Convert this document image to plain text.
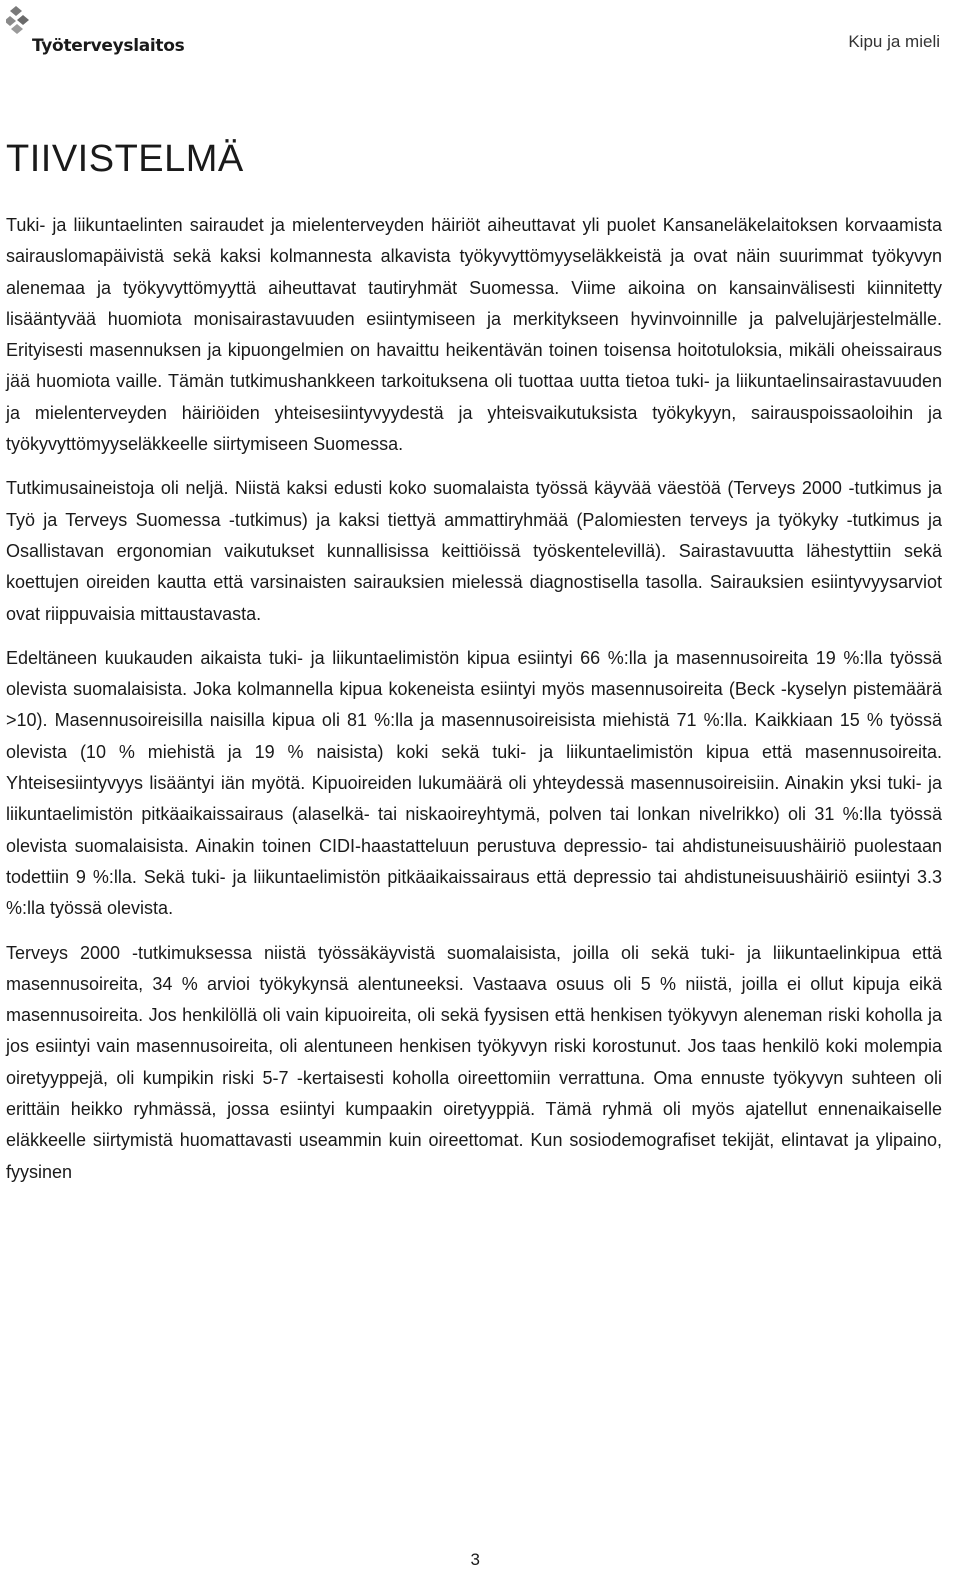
Työterveyslaitos	Kipu ja mieli
TIIVISTELMÄ

Tuki- ja liikuntaelinten sairaudet ja mielenterveyden häiriöt aiheuttavat yli puolet Kansaneläkelaitoksen korvaamista sairauslomapäivistä sekä kaksi kolmannesta alkavista työkyvyttömyyseläkkeistä ja ovat näin suurimmat työkyvyn alenemaa ja työkyvyttömyyttä aiheuttavat tautiryhmät Suomessa. Viime aikoina on kansainvälisesti kiinnitetty lisääntyvää huomiota monisairastavuuden esiintymiseen ja merkitykseen hyvinvoinnille ja palvelujärjestelmälle. Erityisesti masennuksen ja kipuongelmien on havaittu heikentävän toinen toisensa hoitotuloksia, mikäli oheissairaus jää huomiota vaille. Tämän tutkimushankkeen tarkoituksena oli tuottaa uutta tietoa tuki- ja liikuntaelinsairastavuuden ja mielenterveyden häiriöiden yhteisesiintyvyydestä ja yhteisvaikutuksista työkykyyn, sairauspoissaoloihin ja työkyvyttömyyseläkkeelle siirtymiseen Suomessa.

Tutkimusaineistoja oli neljä. Niistä kaksi edusti koko suomalaista työssä käyvää väestöä (Terveys 2000 -tutkimus ja Työ ja Terveys Suomessa -tutkimus) ja kaksi tiettyä ammattiryhmää (Palomiesten terveys ja työkyky -tutkimus ja Osallistavan ergonomian vaikutukset kunnallisissa keittiöissä työskentelevillä). Sairastavuutta lähestyttiin sekä koettujen oireiden kautta että varsinaisten sairauksien mielessä diagnostisella tasolla. Sairauksien esiintyvyysarviot ovat riippuvaisia mittaustavasta.

Edeltäneen kuukauden aikaista tuki- ja liikuntaelimistön kipua esiintyi 66 %:lla ja masennusoireita 19 %:lla työssä olevista suomalaisista. Joka kolmannella kipua kokeneista esiintyi myös masennusoireita (Beck -kyselyn pistemäärä >10). Masennusoireisilla naisilla kipua oli 81 %:lla ja masennusoireisista miehistä 71 %:lla. Kaikkiaan 15 % työssä olevista (10 % miehistä ja 19 % naisista) koki sekä tuki- ja liikuntaelimistön kipua että masennusoireita. Yhteisesiintyvyys lisääntyi iän myötä. Kipuoireiden lukumäärä oli yhteydessä masennusoireisiin. Ainakin yksi tuki- ja liikuntaelimistön pitkäaikaissairaus (alaselkä- tai niskaoireyhtymä, polven tai lonkan nivelrikko) oli 31 %:lla työssä olevista suomalaisista. Ainakin toinen CIDI-haastatteluun perustuva depressio- tai ahdistuneisuushäiriö puolestaan todettiin 9 %:lla. Sekä tuki- ja liikuntaelimistön pitkäaikaissairaus että depressio tai ahdistuneisuushäiriö esiintyi 3.3 %:lla työssä olevista.

Terveys 2000 -tutkimuksessa niistä työssäkäyvistä suomalaisista, joilla oli sekä tuki- ja liikuntaelinkipua että masennusoireita, 34 % arvioi työkykynsä alentuneeksi. Vastaava osuus oli 5 % niistä, joilla ei ollut kipuja eikä masennusoireita. Jos henkilöllä oli vain kipuoireita, oli sekä fyysisen että henkisen työkyvyn aleneman riski koholla ja jos esiintyi vain masennusoireita, oli alentuneen henkisen työkyvyn riski korostunut. Jos taas henkilö koki molempia oiretyyppejä, oli kumpikin riski 5-7 -kertaisesti koholla oireettomiin verrattuna. Oma ennuste työkyvyn suhteen oli erittäin heikko ryhmässä, jossa esiintyi kumpaakin oiretyyppiä. Tämä ryhmä oli myös ajatellut ennenaikaiselle eläkkeelle siirtymistä huomattavasti useammin kuin oireettomat. Kun sosiodemografiset tekijät, elintavat ja ylipaino, fyysinen

3
